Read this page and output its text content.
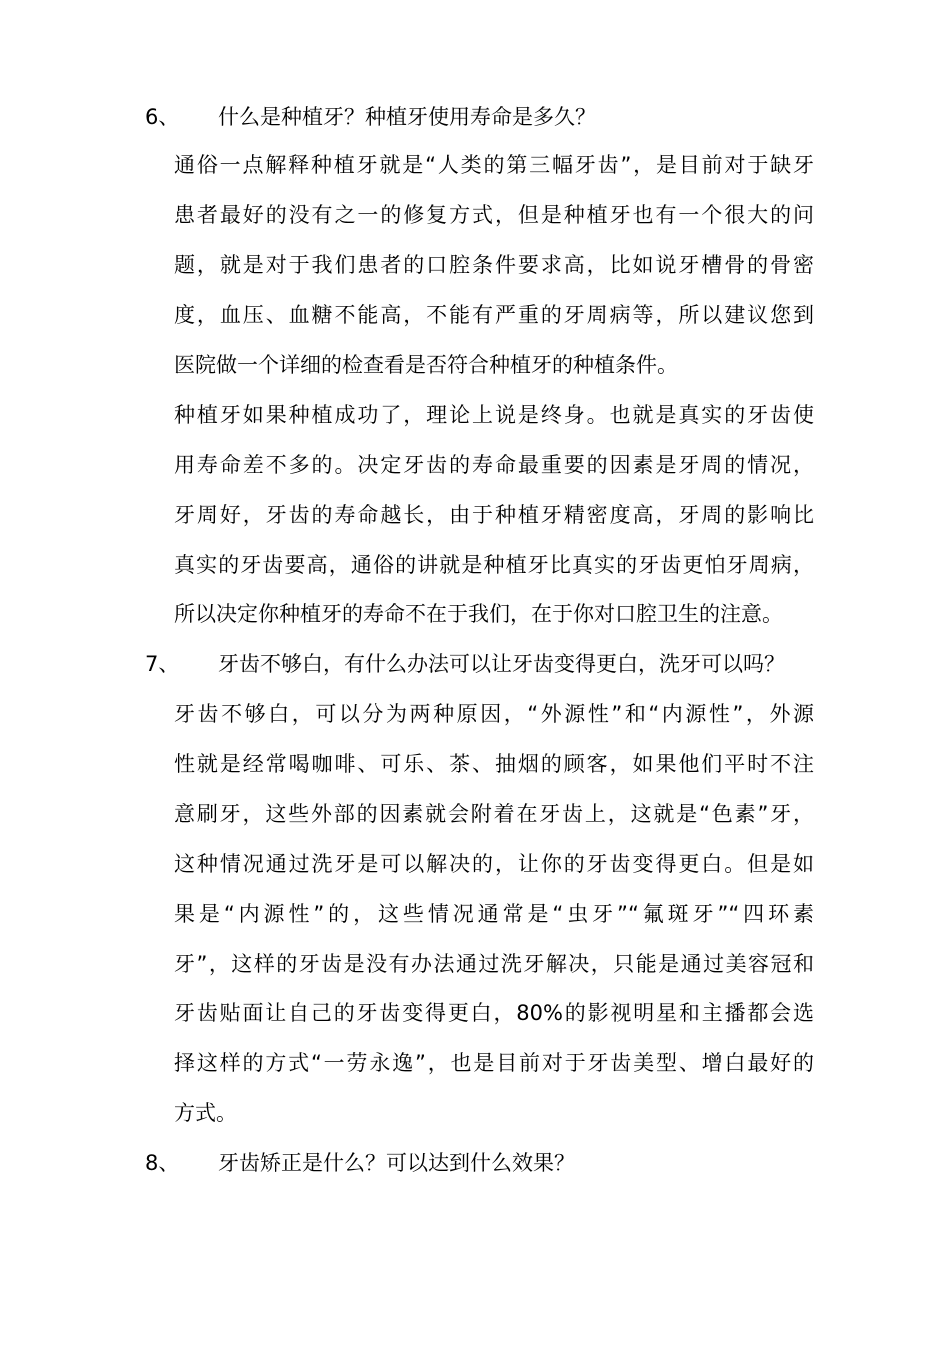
6、 什么是种植牙？种植牙使用寿命是多久？
通俗一点解释种植牙就是“人类的第三幅牙齿”，是目前对于缺牙
患者最好的没有之一的修复方式，但是种植牙也有一个很大的问
题，就是对于我们患者的口腔条件要求高，比如说牙槽骨的骨密
度，血压、血糖不能高，不能有严重的牙周病等，所以建议您到
医院做一个详细的检查看是否符合种植牙的种植条件。
种植牙如果种植成功了，理论上说是终身。也就是真实的牙齿使
用寿命差不多的。决定牙齿的寿命最重要的因素是牙周的情况，
牙周好，牙齿的寿命越长，由于种植牙精密度高，牙周的影响比
真实的牙齿要高，通俗的讲就是种植牙比真实的牙齿更怕牙周病，
所以决定你种植牙的寿命不在于我们，在于你对口腔卫生的注意。
7、 牙齿不够白，有什么办法可以让牙齿变得更白，洗牙可以吗？
牙齿不够白，可以分为两种原因，“外源性”和“内源性”，外源
性就是经常喝咖啡、可乐、茶、抽烟的顾客，如果他们平时不注
意刷牙，这些外部的因素就会附着在牙齿上，这就是“色素”牙，
这种情况通过洗牙是可以解决的，让你的牙齿变得更白。但是如
果是“内源性”的，这些情况通常是“虫牙”“氟斑牙”“四环素
牙”，这样的牙齿是没有办法通过洗牙解决，只能是通过美容冠和
牙齿贴面让自己的牙齿变得更白，80%的影视明星和主播都会选
择这样的方式“一劳永逸”，也是目前对于牙齿美型、增白最好的
方式。
8、 牙齿矫正是什么？可以达到什么效果？
